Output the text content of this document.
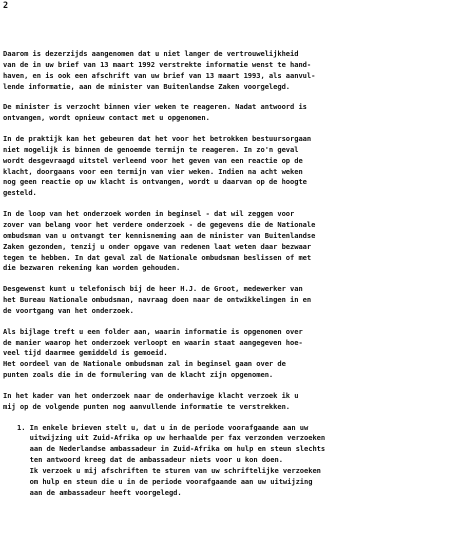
2
Daarom is dezerzijds aangenomen dat u niet langer de vertrouwelijkheid
van de in uw brief van 13 maart 1992 verstrekte informatie wenst te hand-
haven, en is ook een afschrift van uw brief van 13 maart 1993, als aanvul-
lende informatie, aan de minister van Buitenlandse Zaken voorgelegd.
De minister is verzocht binnen vier weken te reageren. Nadat antwoord is
ontvangen, wordt opnieuw contact met u opgenomen.
In de praktijk kan het gebeuren dat het voor het betrokken bestuursorgaan
niet mogelijk is binnen de genoemde termijn te reageren. In zo'n geval
wordt desgevraagd uitstel verleend voor het geven van een reactie op de
klacht, doorgaans voor een termijn van vier weken. Indien na acht weken
nog geen reactie op uw klacht is ontvangen, wordt u daarvan op de hoogte
gesteld.
In de loop van het onderzoek worden in beginsel - dat wil zeggen voor
zover van belang voor het verdere onderzoek - de gegevens die de Nationale
ombudsman van u ontvangt ter kennisneming aan de minister van Buitenlandse
Zaken gezonden, tenzij u onder opgave van redenen laat weten daar bezwaar
tegen te hebben. In dat geval zal de Nationale ombudsman beslissen of met
die bezwaren rekening kan worden gehouden.
Desgewenst kunt u telefonisch bij de heer H.J. de Groot, medewerker van
het Bureau Nationale ombudsman, navraag doen naar de ontwikkelingen in en
de voortgang van het onderzoek.
Als bijlage treft u een folder aan, waarin informatie is opgenomen over
de manier waarop het onderzoek verloopt en waarin staat aangegeven hoe-
veel tijd daarmee gemiddeld is gemoeid.
Het oordeel van de Nationale ombudsman zal in beginsel gaan over de
punten zoals die in de formulering van de klacht zijn opgenomen.
In het kader van het onderzoek naar de onderhavige klacht verzoek ik u
mij op de volgende punten nog aanvullende informatie te verstrekken.
1. In enkele brieven stelt u, dat u in de periode voorafgaande aan uw
uitwijzing uit Zuid-Afrika op uw herhaalde per fax verzonden verzoeken
aan de Nederlandse ambassadeur in Zuid-Afrika om hulp en steun slechts
ten antwoord kreeg dat de ambassadeur niets voor u kon doen.
Ik verzoek u mij afschriften te sturen van uw schriftelijke verzoeken
om hulp en steun die u in de periode voorafgaande aan uw uitwijzing
aan de ambassadeur heeft voorgelegd.
